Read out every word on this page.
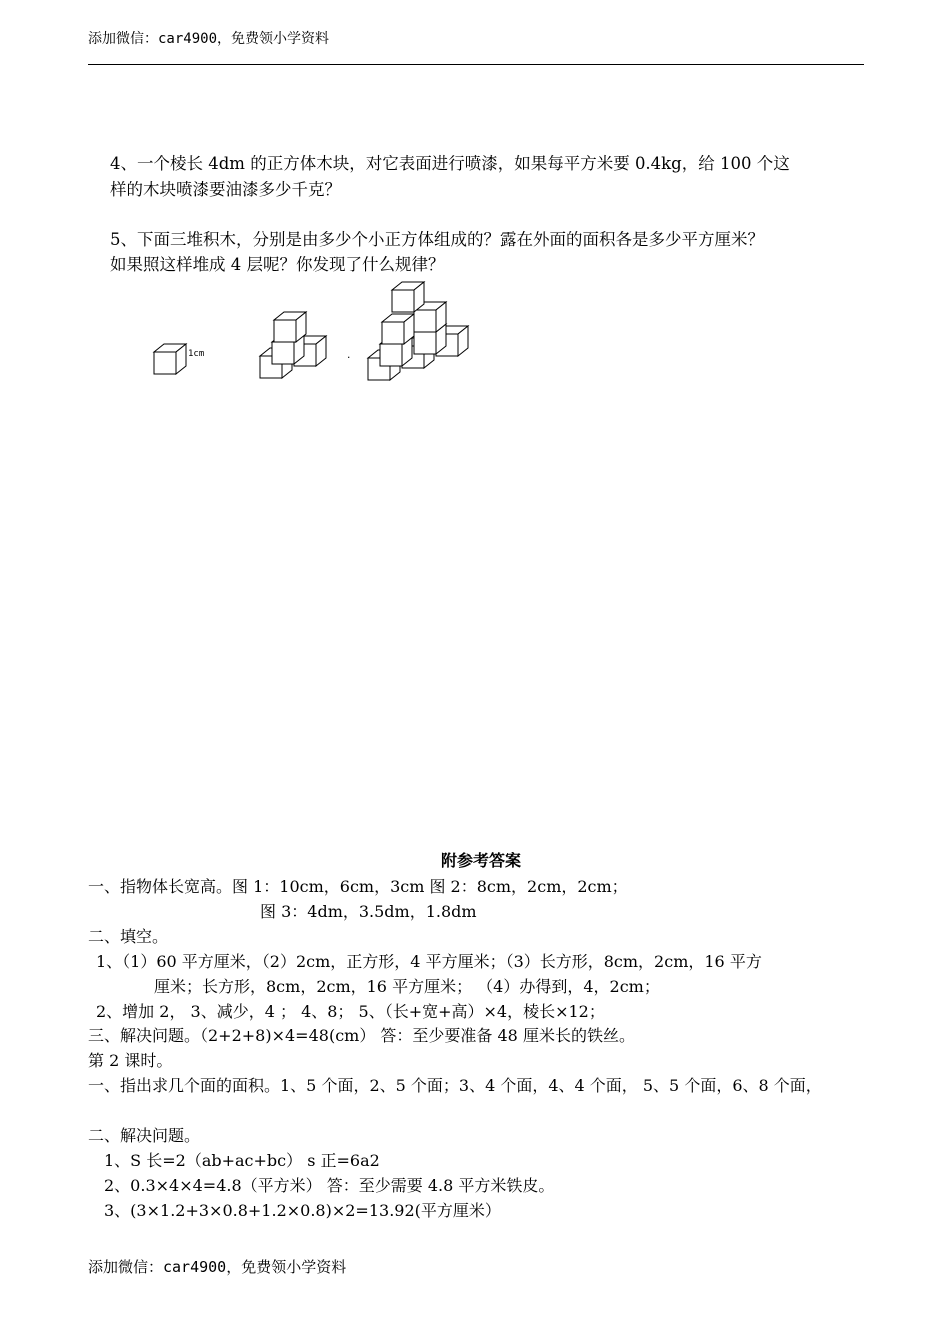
添加微信：car4900，免费领小学资料
4、一个棱长 4dm 的正方体木块，对它表面进行喷漆，如果每平方米要 0.4kg，给 100 个这
样的木块喷漆要油漆多少千克？
5、下面三堆积木，分别是由多少个小正方体组成的？露在外面的面积各是多少平方厘米？
如果照这样堆成 4 层呢？你发现了什么规律？
1cm	.
附参考答案
一、指物体长宽高。图 1：10cm，6cm，3cm 图 2：8cm，2cm，2cm；
图 3：4dm，3.5dm，1.8dm
二、填空。
1、（1）60 平方厘米，（2）2cm，正方形，4 平方厘米；（3）长方形，8cm，2cm，16 平方
厘米；长方形，8cm，2cm，16 平方厘米； （4）办得到，4，2cm；
2、增加 2， 3、减少，4 ； 4、8； 5、（长+宽+高）×4，棱长×12；
三、解决问题。（2+2+8)×4=48(cm） 答：至少要准备 48 厘米长的铁丝。
第 2 课时。
一、指出求几个面的面积。1、5 个面，2、5 个面；3、4 个面，4、4 个面， 5、5 个面，6、8 个面，
二、解决问题。
1、S 长=2（ab+ac+bc） s 正=6a2
2、0.3×4×4=4.8（平方米） 答：至少需要 4.8 平方米铁皮。
3、(3×1.2+3×0.8+1.2×0.8)×2=13.92(平方厘米）
添加微信：car4900，免费领小学资料
